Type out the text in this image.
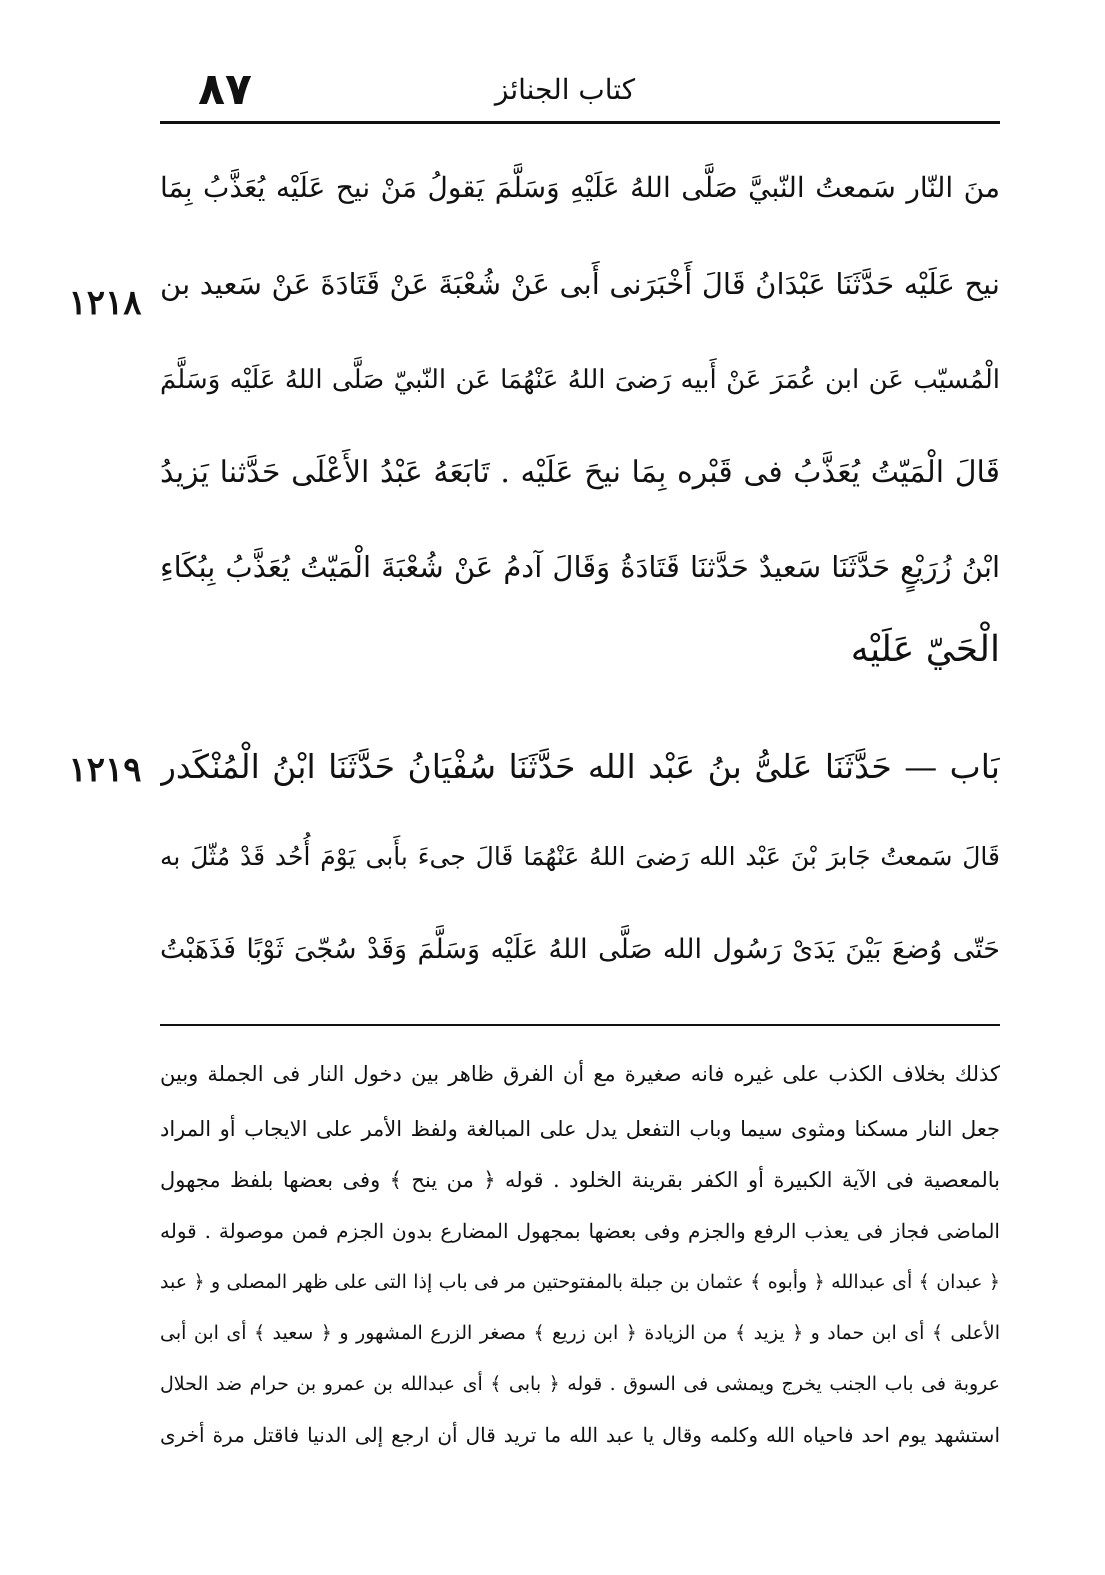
٨٧	كتاب الجنائز
منَ النّار سَمعتُ النّبيَّ صَلَّى اللهُ عَلَيْهِ وَسَلَّمَ يَقولُ مَنْ نيح عَلَيْه يُعَذَّبُ بِمَا
نيح عَلَيْه حَدَّثَنَا عَبْدَانُ قَالَ أَخْبَرَنى أَبى عَنْ شُعْبَةَ عَنْ قَتَادَةَ عَنْ سَعيد بن
الْمُسيّب عَن ابن عُمَرَ عَنْ أَبيه رَضىَ اللهُ عَنْهُمَا عَن النّبيّ صَلَّى اللهُ عَلَيْه وَسَلَّمَ
قَالَ الْمَيّتُ يُعَذَّبُ فى قَبْره بِمَا نيحَ عَلَيْه . تَابَعَهُ عَبْدُ الأَعْلَى حَدَّثنا يَزيدُ
ابْنُ زُرَيْعٍ حَدَّثَنَا سَعيدٌ حَدَّثنَا قَتَادَةُ وَقَالَ آدمُ عَنْ شُعْبَةَ الْمَيّتُ يُعَذَّبُ بِبُكَاءِ
الْحَيّ عَلَيْه
بَاب — حَدَّثَنَا عَلىُّ بنُ عَبْد الله حَدَّثَنَا سُفْيَانُ حَدَّثَنَا ابْنُ الْمُنْكَدر
قَالَ سَمعتُ جَابرَ بْنَ عَبْد الله رَضىَ اللهُ عَنْهُمَا قَالَ جىءَ بأَبى يَوْمَ أُحُد قَدْ مُثّلَ به
حَتّى وُضعَ بَيْنَ يَدَىْ رَسُول الله صَلَّى اللهُ عَلَيْه وَسَلَّمَ وَقَدْ سُجّىَ ثَوْبًا فَذَهَبْتُ
١٢١٨
١٢١٩
كذلك بخلاف الكذب على غيره فانه صغيرة مع أن الفرق ظاهر بين دخول النار فى الجملة وبين
جعل النار مسكنا ومثوى سيما وباب التفعل يدل على المبالغة ولفظ الأمر على الايجاب أو المراد
بالمعصية فى الآية الكبيرة أو الكفر بقرينة الخلود . قوله ﴿ من ينح ﴾ وفى بعضها بلفظ مجهول
الماضى فجاز فى يعذب الرفع والجزم وفى بعضها بمجهول المضارع بدون الجزم فمن موصولة . قوله
﴿ عبدان ﴾ أى عبدالله ﴿ وأبوه ﴾ عثمان بن جبلة بالمفتوحتين مر فى باب إذا التى على ظهر المصلى و ﴿ عبد
الأعلى ﴾ أى ابن حماد و ﴿ يزيد ﴾ من الزيادة ﴿ ابن زريع ﴾ مصغر الزرع المشهور و ﴿ سعيد ﴾ أى ابن أبى
عروبة فى باب الجنب يخرج ويمشى فى السوق . قوله ﴿ بابى ﴾ أى عبدالله بن عمرو بن حرام ضد الحلال
استشهد يوم احد فاحياه الله وكلمه وقال يا عبد الله ما تريد قال أن ارجع إلى الدنيا فاقتل مرة أخرى
